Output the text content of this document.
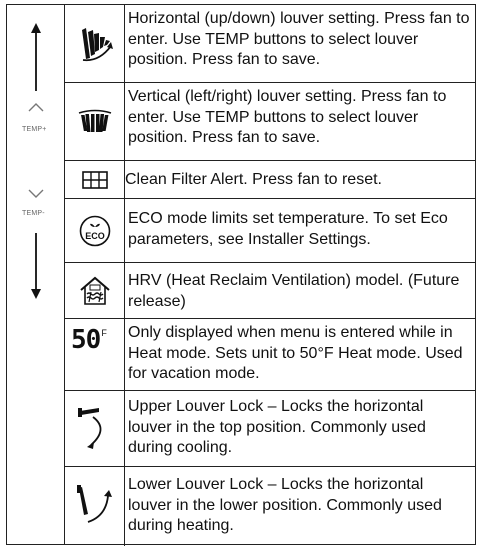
TEMP+
TEMP-
Horizontal (up/down) louver setting. Press fan to enter. Use TEMP buttons to select louver position. Press fan to save.
Vertical (left/right) louver setting. Press fan to enter. Use TEMP buttons to select louver position. Press fan to save.
Clean Filter Alert. Press fan to reset.
ECO
ECO mode limits set temperature. To set Eco parameters, see Installer Settings.
HRV (Heat Reclaim Ventilation) model. (Future release)
50 F Only displayed when menu is entered while in Heat mode. Sets unit to 50°F Heat mode. Used for vacation mode.
Upper Louver Lock – Locks the horizontal louver in the top position. Commonly used during cooling.
Lower Louver Lock – Locks the horizontal louver in the lower position. Commonly used during heating.
